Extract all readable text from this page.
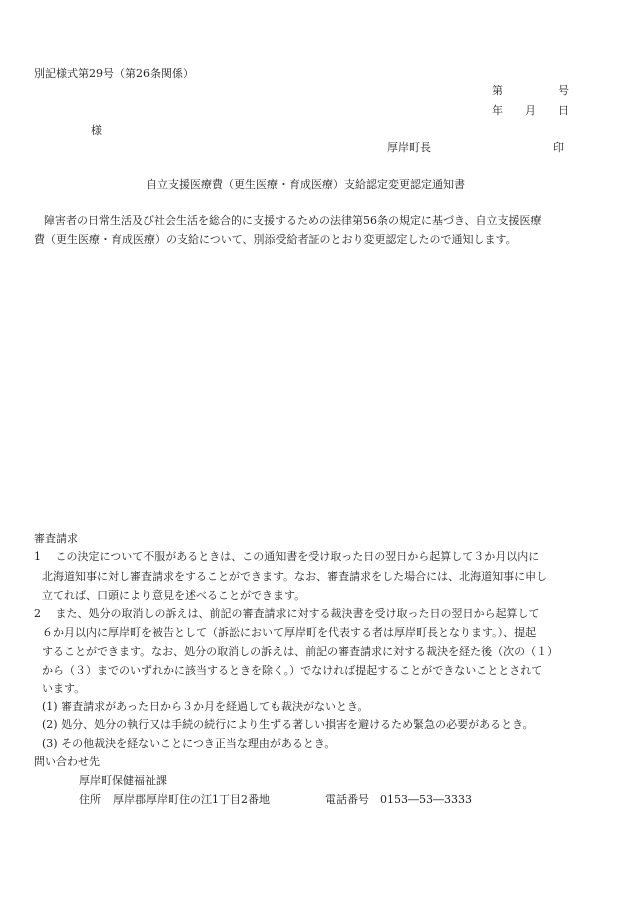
別記様式第29号（第26条関係）
第　　　　　号
年　　月　　日
様
厚岸町長	印
自立支援医療費（更生医療・育成医療）支給認定変更認定通知書
障害者の日常生活及び社会生活を総合的に支援するための法律第56条の規定に基づき、自立支援医療
費（更生医療・育成医療）の支給について、別添受給者証のとおり変更認定したので通知します。
審査請求
1　 この決定について不服があるときは、この通知書を受け取った日の翌日から起算して３か月以内に
北海道知事に対し審査請求をすることができます。なお、審査請求をした場合には、北海道知事に申し
立てれば、口頭により意見を述べることができます。
2　 また、処分の取消しの訴えは、前記の審査請求に対する裁決書を受け取った日の翌日から起算して
６か月以内に厚岸町を被告として（訴訟において厚岸町を代表する者は厚岸町長となります。）、提起
することができます。なお、処分の取消しの訴えは、前記の審査請求に対する裁決を経た後（次の（１）
から（３）までのいずれかに該当するときを除く。）でなければ提起することができないこととされて
います。
(1) 審査請求があった日から３か月を経過しても裁決がないとき。
(2) 処分、処分の執行又は手続の続行により生ずる著しい損害を避けるため緊急の必要があるとき。
(3) その他裁決を経ないことにつき正当な理由があるとき。
問い合わせ先
厚岸町保健福祉課
住所 厚岸郡厚岸町住の江1丁目2番地	電話番号 0153―53―3333
